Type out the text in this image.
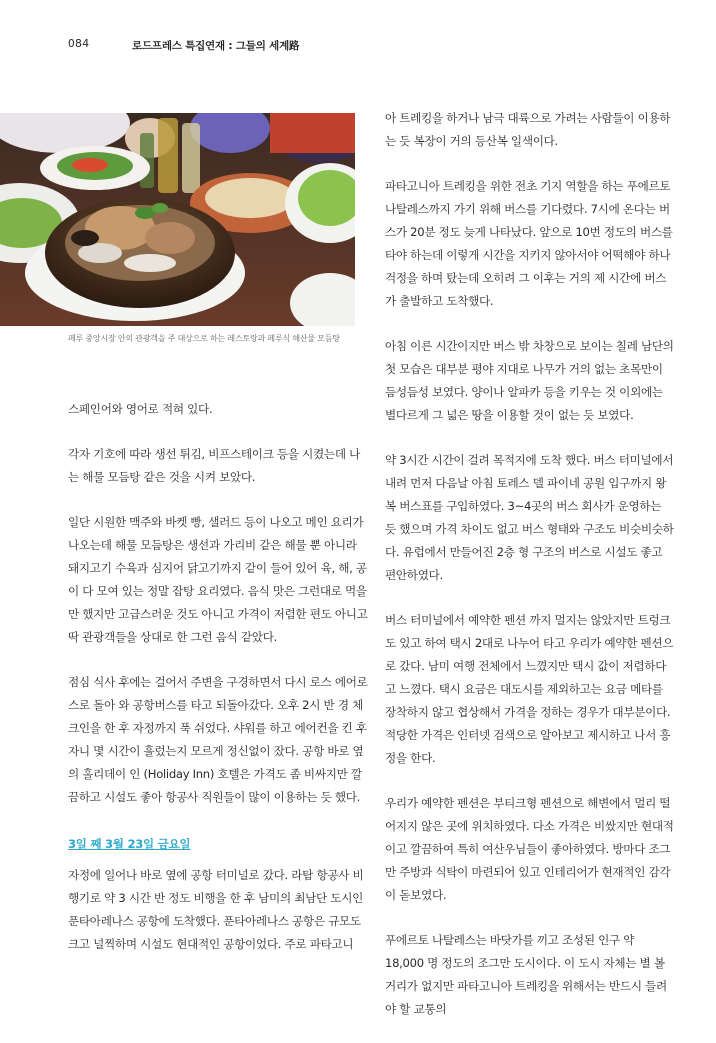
084	로드프레스 특집연재 : 그들의 세계路
페루 중앙시장 안의 관광객을 주 대상으로 하는 레스토랑과 페루식 해산물 모듬탕

스페인어와 영어로 적혀 있다.

각자 기호에 따라 생선 튀김, 비프스테이크 등을 시켰는데 나는 해물 모듬탕 같은 것을 시켜 보았다.

일단 시원한 맥주와 바켓 빵, 샐러드 등이 나오고 메인 요리가 나오는데 해물 모듬탕은 생선과 가리비 같은 해물 뿐 아니라 돼지고기 수육과 심지어 닭고기까지 같이 들어 있어 육, 해, 공이 다 모여 있는 정말 잡탕 요리였다. 음식 맛은 그런대로 먹을 만 했지만 고급스러운 것도 아니고 가격이 저렴한 편도 아니고 딱 관광객들을 상대로 한 그런 음식 같았다.

점심 식사 후에는 걸어서 주변을 구경하면서 다시 로스 에어로스로 돌아 와 공항버스를 타고 되돌아갔다. 오후 2시 반 경 체크인을 한 후 자정까지 푹 쉬었다. 샤워를 하고 에어컨을 킨 후 자니 몇 시간이 흘렀는지 모르게 정신없이 잤다. 공항 바로 옆의 홀리데이 인 (Holiday Inn) 호텔은 가격도 좀 비싸지만 깔끔하고 시설도 좋아 항공사 직원들이 많이 이용하는 듯 했다.

3일 째 3월 23일 금요일

자정에 일어나 바로 옆에 공항 터미널로 갔다. 라탐 항공사 비행기로 약 3 시간 반 정도 비행을 한 후 남미의 최남단 도시인 푼타아레나스 공항에 도착했다. 푼타아레나스 공항은 규모도 크고 널찍하며 시설도 현대적인 공항이었다. 주로 파타고니

아 트레킹을 하거나 남극 대륙으로 가려는 사람들이 이용하는 듯 복장이 거의 등산복 일색이다.

파타고니아 트레킹을 위한 전초 기지 역할을 하는 푸에르토 나탈레스까지 가기 위해 버스를 기다렸다. 7시에 온다는 버스가 20분 정도 늦게 나타났다. 앞으로 10번 정도의 버스를 타야 하는데 이렇게 시간을 지키지 않아서야 어떡해야 하나 걱정을 하며 탔는데 오히려 그 이후는 거의 제 시간에 버스가 출발하고 도착했다.

아침 이른 시간이지만 버스 밖 차창으로 보이는 칠레 남단의 첫 모습은 대부분 평야 지대로 나무가 거의 없는 초목만이 듬성듬성 보였다. 양이나 알파카 등을 키우는 것 이외에는 별다르게 그 넓은 땅을 이용할 것이 없는 듯 보였다.

약 3시간 시간이 걸려 목적지에 도착 했다. 버스 터미널에서 내려 먼저 다음날 아침 토레스 델 파이네 공원 입구까지 왕복 버스표를 구입하였다. 3~4곳의 버스 회사가 운영하는 듯 했으며 가격 차이도 없고 버스 형태와 구조도 비슷비슷하다. 유럽에서 만들어진 2층 형 구조의 버스로 시설도 좋고 편안하였다.

버스 터미널에서 예약한 펜션 까지 멀지는 않았지만 트렁크도 있고 하여 택시 2대로 나누어 타고 우리가 예약한 펜션으로 갔다. 남미 여행 전체에서 느꼈지만 택시 값이 저렴하다고 느꼈다. 택시 요금은 대도시를 제외하고는 요금 메타를 장착하지 않고 협상해서 가격을 정하는 경우가 대부분이다. 적당한 가격은 인터넷 검색으로 알아보고 제시하고 나서 흥정을 한다.

우리가 예약한 펜션은 부티크형 펜션으로 해변에서 멀리 떨어지지 않은 곳에 위치하였다. 다소 가격은 비쌌지만 현대적이고 깔끔하여 특히 여산우님들이 좋아하였다. 방마다 조그만 주방과 식탁이 마련되어 있고 인테리어가 현재적인 감각이 돋보였다.

푸에르토 나탈레스는 바닷가를 끼고 조성된 인구 약 18,000 명 정도의 조그만 도시이다. 이 도시 자체는 별 볼거리가 없지만 파타고니아 트레킹을 위해서는 반드시 들려야 할 교통의
